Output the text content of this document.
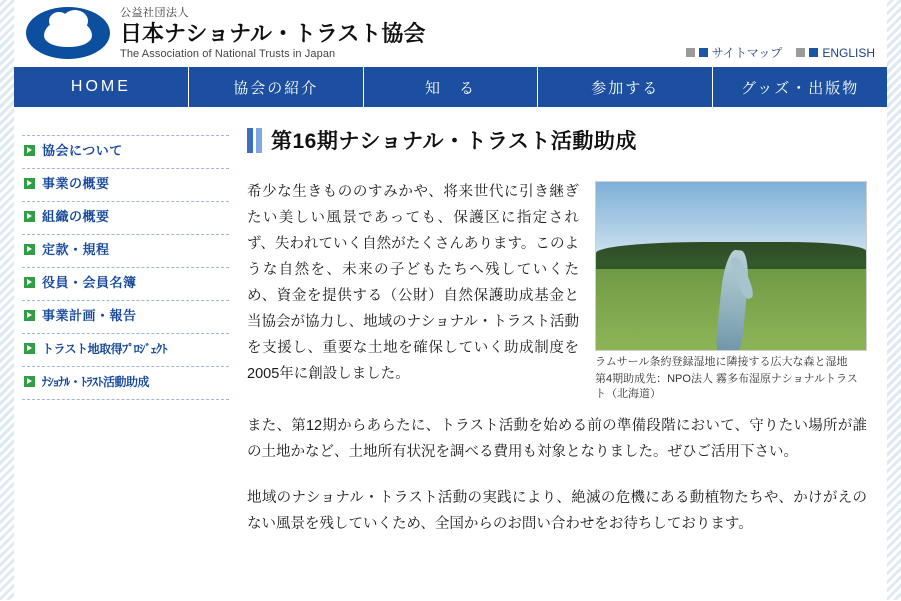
公益社団法人
日本ナショナル・トラスト協会
The Association of National Trusts in Japan	サイトマップ	ENGLISH
HOME	協会の紹介	知　る	参加する	グッズ・出版物
協会について
事業の概要
組織の概要
定款・規程
役員・会員名簿
事業計画・報告
トラスト地取得ﾌﾟﾛｼﾞｪｸﾄ
ﾅｼｮﾅﾙ・ﾄﾗｽﾄ活動助成
第16期ナショナル・トラスト活動助成
ラムサール条約登録湿地に隣接する広大な森と湿地
第4期助成先：NPO法人 霧多布湿原ナショナルトラスト（北海道）

希少な生きもののすみかや、将来世代に引き継ぎたい美しい風景であっても、保護区に指定されず、失われていく自然がたくさんあります。このような自然を、未来の子どもたちへ残していくため、資金を提供する（公財）自然保護助成基金と当協会が協力し、地域のナショナル・トラスト活動を支援し、重要な土地を確保していく助成制度を2005年に創設しました。

また、第12期からあらたに、トラスト活動を始める前の準備段階において、守りたい場所が誰の土地かなど、土地所有状況を調べる費用も対象となりました。ぜひご活用下さい。

地域のナショナル・トラスト活動の実践により、絶滅の危機にある動植物たちや、かけがえのない風景を残していくため、全国からのお問い合わせをお待ちしております。
